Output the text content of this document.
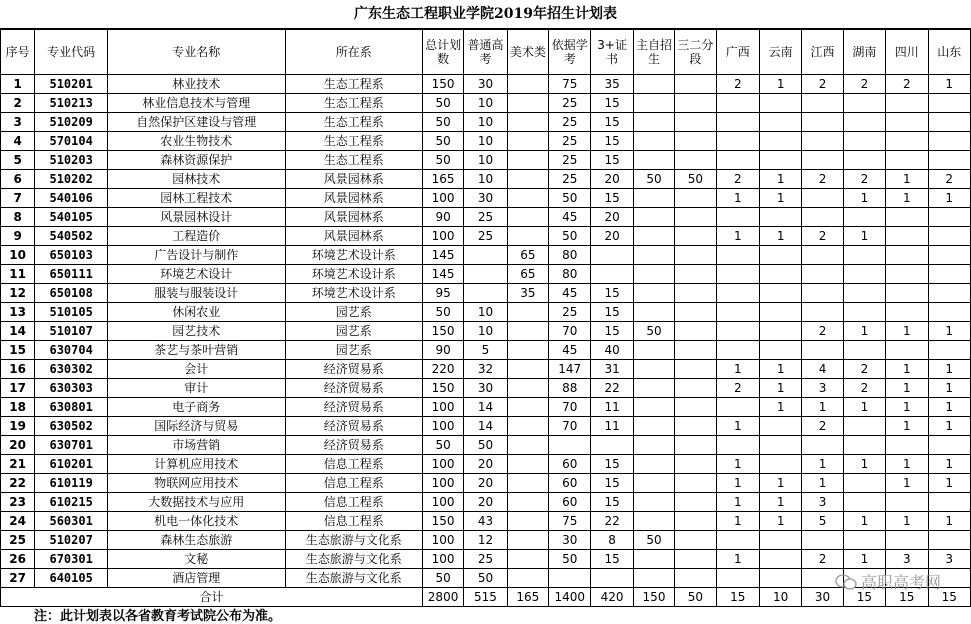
广东生态工程职业学院2019年招生计划表
序号	专业代码	专业名称	所在系	总计划数	普通高考	美术类	依据学考	3+证书	主自招生	三二分段	广西	云南	江西	湖南	四川	山东
1	510201	林业技术	生态工程系	150	30		75	35			2	1	2	2	2	1
2	510213	林业信息技术与管理	生态工程系	50	10		25	15								
3	510209	自然保护区建设与管理	生态工程系	50	10		25	15								
4	570104	农业生物技术	生态工程系	50	10		25	15								
5	510203	森林资源保护	生态工程系	50	10		25	15								
6	510202	园林技术	风景园林系	165	10		25	20	50	50	2	1	2	2	1	2
7	540106	园林工程技术	风景园林系	100	30		50	15			1	1		1	1	1
8	540105	风景园林设计	风景园林系	90	25		45	20								
9	540502	工程造价	风景园林系	100	25		50	20			1	1	2	1		
10	650103	广告设计与制作	环境艺术设计系	145		65	80									
11	650111	环境艺术设计	环境艺术设计系	145		65	80									
12	650108	服装与服装设计	环境艺术设计系	95		35	45	15								
13	510105	休闲农业	园艺系	50	10		25	15								
14	510107	园艺技术	园艺系	150	10		70	15	50				2	1	1	1
15	630704	茶艺与茶叶营销	园艺系	90	5		45	40								
16	630302	会计	经济贸易系	220	32		147	31			1	1	4	2	1	1
17	630303	审计	经济贸易系	150	30		88	22			2	1	3	2	1	1
18	630801	电子商务	经济贸易系	100	14		70	11				1	1	1	1	1
19	630502	国际经济与贸易	经济贸易系	100	14		70	11			1		2		1	1
20	630701	市场营销	经济贸易系	50	50											
21	610201	计算机应用技术	信息工程系	100	20		60	15			1		1	1	1	1
22	610119	物联网应用技术	信息工程系	100	20		60	15			1	1	1		1	1
23	610215	大数据技术与应用	信息工程系	100	20		60	15			1	1	3			
24	560301	机电一体化技术	信息工程系	150	43		75	22			1	1	5	1	1	1
25	510207	森林生态旅游	生态旅游与文化系	100	12		30	8	50							
26	670301	文秘	生态旅游与文化系	100	25		50	15			1		2	1	3	3
27	640105	酒店管理	生态旅游与文化系	50	50											
合计				2800	515	165	1400	420	150	50	15	10	30	15	15	15
注：此计划表以各省教育考试院公布为准。
高职高考网
